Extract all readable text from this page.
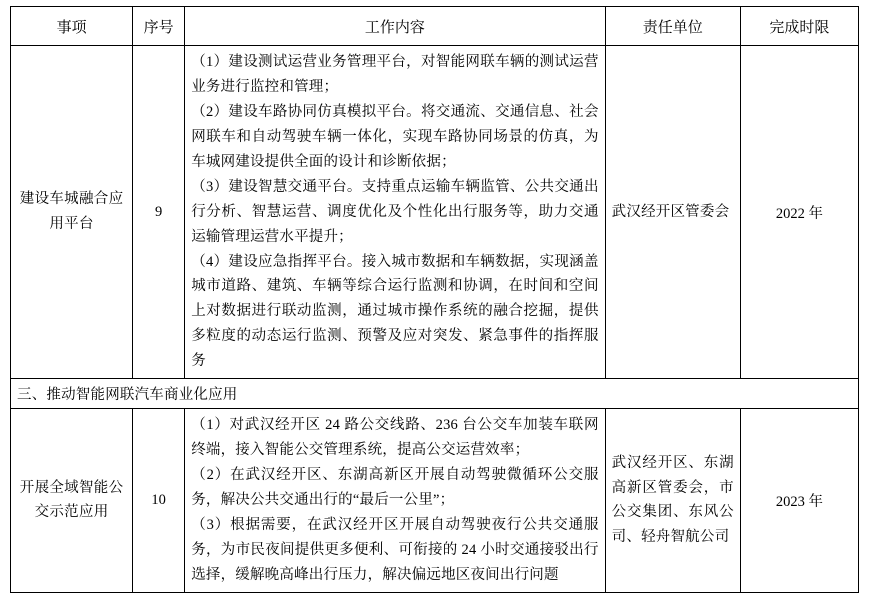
事项	序号	工作内容	责任单位	完成时限
建设车城融合应用平台	9	（1）建设测试运营业务管理平台，对智能网联车辆的测试运营业务进行监控和管理；

（2）建设车路协同仿真模拟平台。将交通流、交通信息、社会网联车和自动驾驶车辆一体化，实现车路协同场景的仿真，为车城网建设提供全面的设计和诊断依据；

（3）建设智慧交通平台。支持重点运输车辆监管、公共交通出行分析、智慧运营、调度优化及个性化出行服务等，助力交通运输管理运营水平提升；

（4）建设应急指挥平台。接入城市数据和车辆数据，实现涵盖城市道路、建筑、车辆等综合运行监测和协调，在时间和空间上对数据进行联动监测，通过城市操作系统的融合挖掘，提供多粒度的动态运行监测、预警及应对突发、紧急事件的指挥服务	武汉经开区管委会	2022 年
三、推动智能网联汽车商业化应用				
开展全域智能公交示范应用	10	（1）对武汉经开区 24 路公交线路、236 台公交车加装车联网终端，接入智能公交管理系统，提高公交运营效率；

（2）在武汉经开区、东湖高新区开展自动驾驶微循环公交服务，解决公共交通出行的“最后一公里”；

（3）根据需要，在武汉经开区开展自动驾驶夜行公共交通服务，为市民夜间提供更多便利、可衔接的 24 小时交通接驳出行选择，缓解晚高峰出行压力，解决偏远地区夜间出行问题	武汉经开区、东湖高新区管委会，市公交集团、东风公司、轻舟智航公司	2023 年
